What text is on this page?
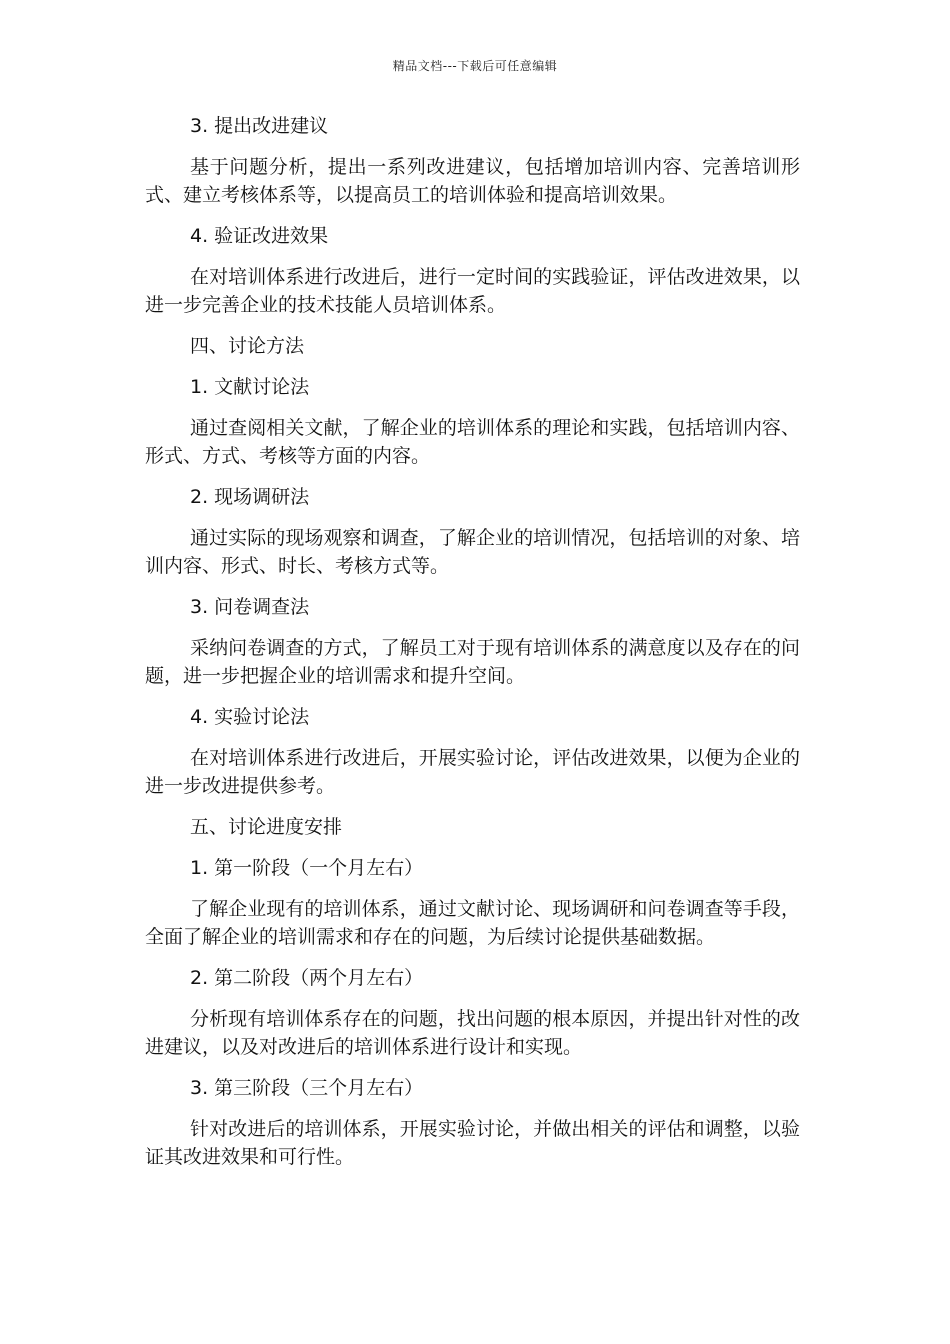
精品文档---下载后可任意编辑

3. 提出改进建议

基于问题分析，提出一系列改进建议，包括增加培训内容、完善培训形式、建立考核体系等，以提高员工的培训体验和提高培训效果。

4. 验证改进效果

在对培训体系进行改进后，进行一定时间的实践验证，评估改进效果，以进一步完善企业的技术技能人员培训体系。

四、讨论方法

1. 文献讨论法

通过查阅相关文献，了解企业的培训体系的理论和实践，包括培训内容、形式、方式、考核等方面的内容。

2. 现场调研法

通过实际的现场观察和调查，了解企业的培训情况，包括培训的对象、培训内容、形式、时长、考核方式等。

3. 问卷调查法

采纳问卷调查的方式，了解员工对于现有培训体系的满意度以及存在的问题，进一步把握企业的培训需求和提升空间。

4. 实验讨论法

在对培训体系进行改进后，开展实验讨论，评估改进效果，以便为企业的进一步改进提供参考。

五、讨论进度安排

1. 第一阶段（一个月左右）

了解企业现有的培训体系，通过文献讨论、现场调研和问卷调查等手段，全面了解企业的培训需求和存在的问题，为后续讨论提供基础数据。

2. 第二阶段（两个月左右）

分析现有培训体系存在的问题，找出问题的根本原因，并提出针对性的改进建议，以及对改进后的培训体系进行设计和实现。

3. 第三阶段（三个月左右）

针对改进后的培训体系，开展实验讨论，并做出相关的评估和调整，以验证其改进效果和可行性。
